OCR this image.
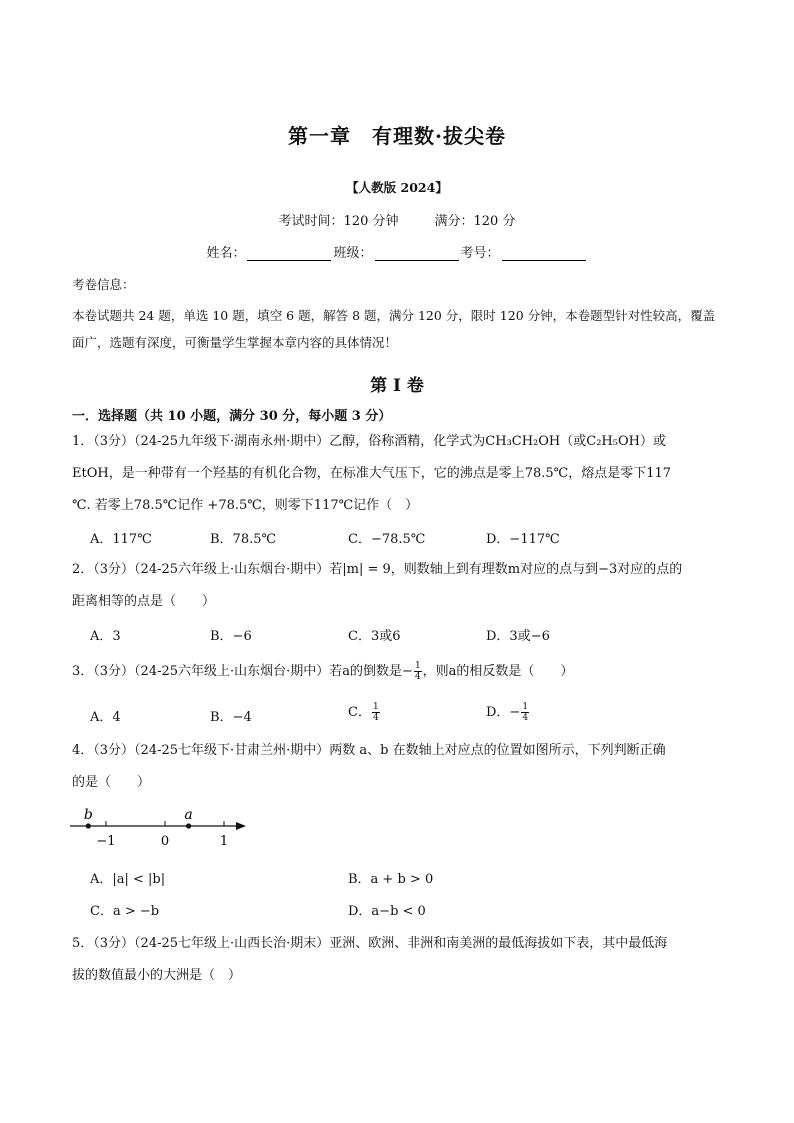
第一章　有理数·拔尖卷
【人教版 2024】
考试时间：120 分钟	满分：120 分
姓名：	班级：	考号：
考卷信息：
本卷试题共 24 题，单选 10 题，填空 6 题，解答 8 题，满分 120 分，限时 120 分钟，本卷题型针对性较高，覆盖面广，选题有深度，可衡量学生掌握本章内容的具体情况！
第 I 卷
一．选择题（共 10 小题，满分 30 分，每小题 3 分）
1．（3分）（24-25九年级下·湖南永州·期中）乙醇，俗称酒精，化学式为CH₃CH₂OH（或C₂H₅OH）或
EtOH，是一种带有一个羟基的有机化合物，在标准大气压下，它的沸点是零上78.5℃，熔点是零下117
℃. 若零上78.5℃记作 +78.5℃，则零下117℃记作（　）
A．117℃	B．78.5℃	C．−78.5℃	D．−117℃
2．（3分）（24-25六年级上·山东烟台·期中）若|m| = 9，则数轴上到有理数m对应的点与到−3对应的点的
距离相等的点是（　　）
A．3	B．−6	C．3或6	D．3或−6
3．（3分）（24-25六年级上·山东烟台·期中）若a的倒数是− $\frac{1}{4}$ ，则a的相反数是（　　）
A．4	B．−4	C． $\frac{1}{4}$	D．− $\frac{1}{4}$
4．（3分）（24-25七年级下·甘肃兰州·期中）两数 a、b 在数轴上对应点的位置如图所示，下列判断正确
的是（　　）
−1	0	1
b	a
A．|a| < |b|	B．a + b > 0
C．a > −b	D．a−b < 0
5．（3分）（24-25七年级上·山西长治·期末）亚洲、欧洲、非洲和南美洲的最低海拔如下表，其中最低海
拔的数值最小的大洲是（　）
